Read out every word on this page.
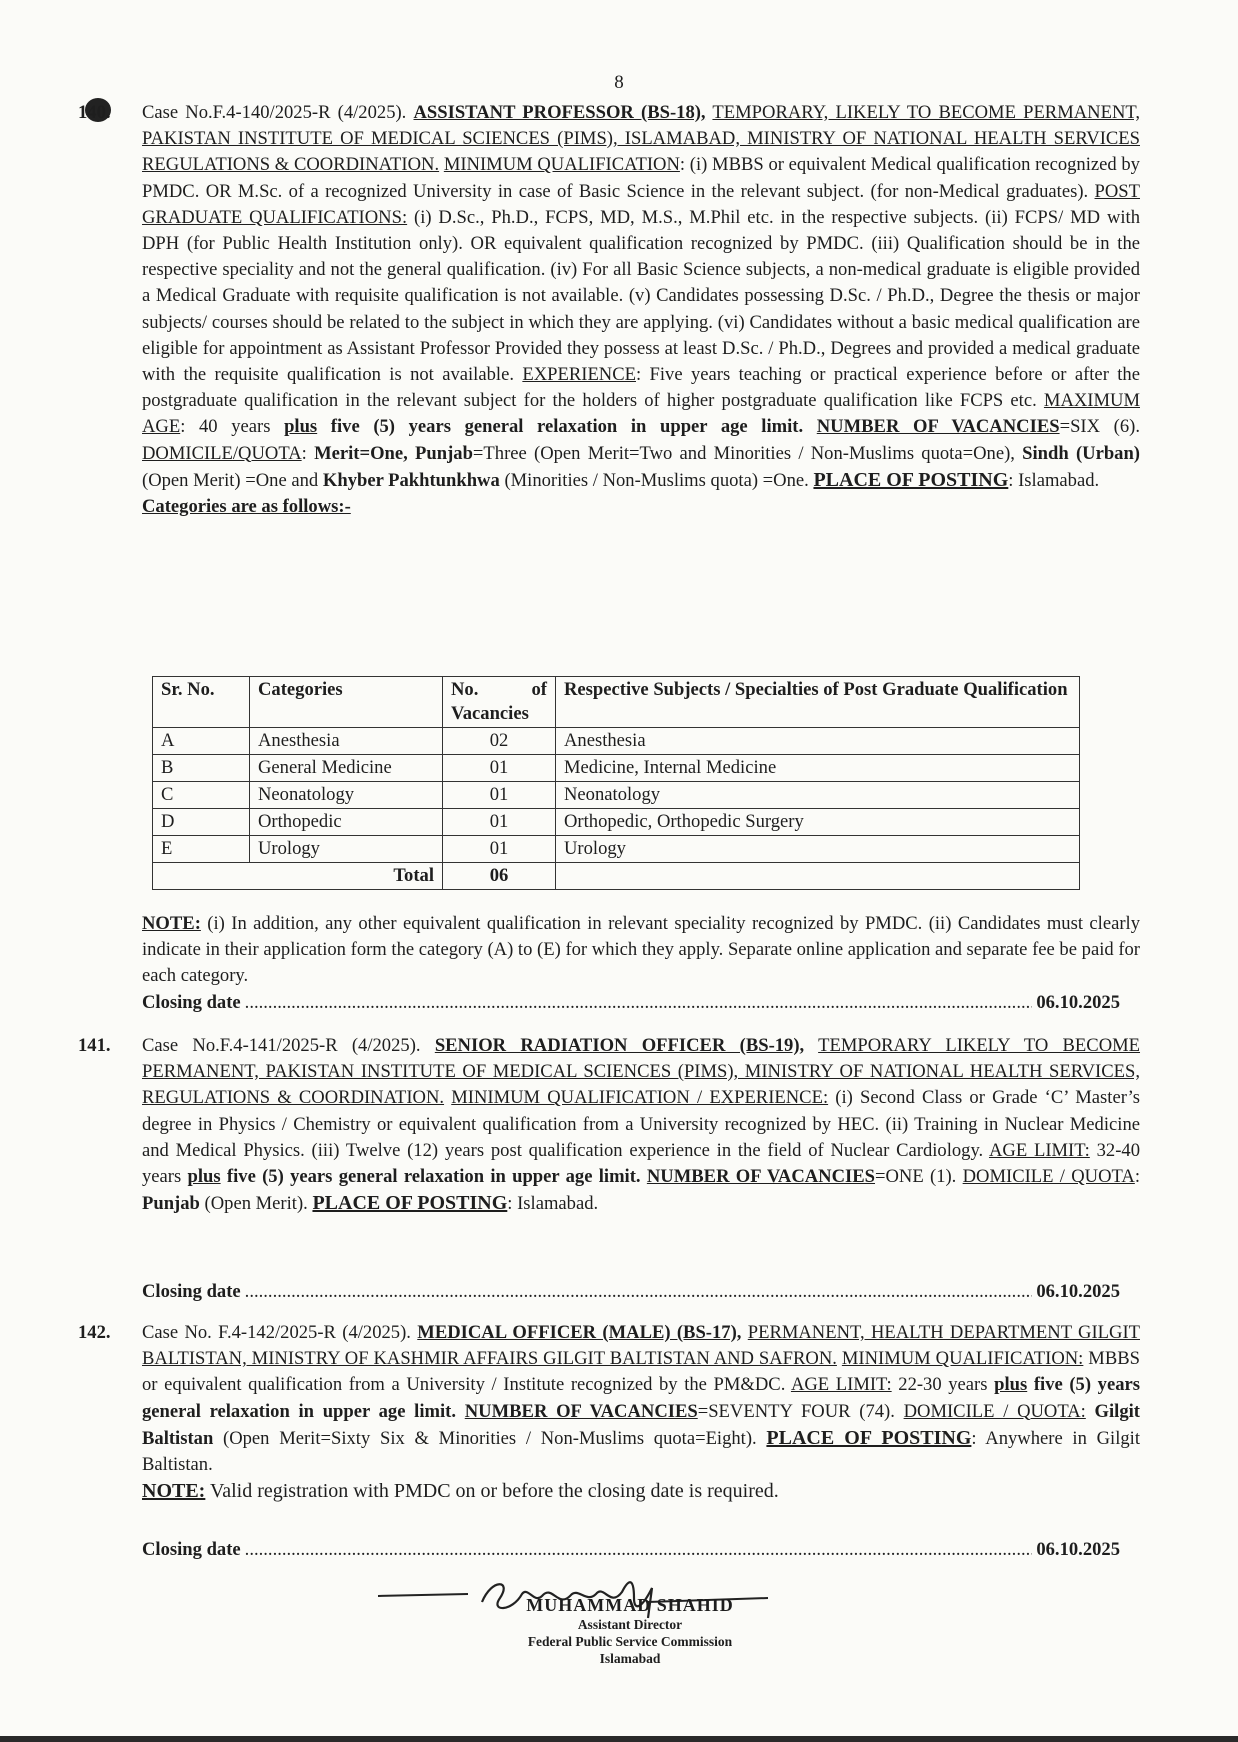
8
140. Case No.F.4-140/2025-R (4/2025). ASSISTANT PROFESSOR (BS-18), TEMPORARY, LIKELY TO BECOME PERMANENT, PAKISTAN INSTITUTE OF MEDICAL SCIENCES (PIMS), ISLAMABAD, MINISTRY OF NATIONAL HEALTH SERVICES REGULATIONS & COORDINATION. MINIMUM QUALIFICATION: (i) MBBS or equivalent Medical qualification recognized by PMDC. OR M.Sc. of a recognized University in case of Basic Science in the relevant subject. (for non-Medical graduates). POST GRADUATE QUALIFICATIONS: (i) D.Sc., Ph.D., FCPS, MD, M.S., M.Phil etc. in the respective subjects. (ii) FCPS/ MD with DPH (for Public Health Institution only). OR equivalent qualification recognized by PMDC. (iii) Qualification should be in the respective speciality and not the general qualification. (iv) For all Basic Science subjects, a non-medical graduate is eligible provided a Medical Graduate with requisite qualification is not available. (v) Candidates possessing D.Sc. / Ph.D., Degree the thesis or major subjects/ courses should be related to the subject in which they are applying. (vi) Candidates without a basic medical qualification are eligible for appointment as Assistant Professor Provided they possess at least D.Sc. / Ph.D., Degrees and provided a medical graduate with the requisite qualification is not available. EXPERIENCE: Five years teaching or practical experience before or after the postgraduate qualification in the relevant subject for the holders of higher postgraduate qualification like FCPS etc. MAXIMUM AGE: 40 years plus five (5) years general relaxation in upper age limit. NUMBER OF VACANCIES=SIX (6). DOMICILE/QUOTA: Merit=One, Punjab=Three (Open Merit=Two and Minorities / Non-Muslims quota=One), Sindh (Urban) (Open Merit) =One and Khyber Pakhtunkhwa (Minorities / Non-Muslims quota) =One. PLACE OF POSTING: Islamabad.
Categories are as follows:-
Sr. No.	Categories	No. of Vacancies	Respective Subjects / Specialties of Post Graduate Qualification
A	Anesthesia	02	Anesthesia
B	General Medicine	01	Medicine, Internal Medicine
C	Neonatology	01	Neonatology
D	Orthopedic	01	Orthopedic, Orthopedic Surgery
E	Urology	01	Urology
Total		06	
NOTE: (i) In addition, any other equivalent qualification in relevant speciality recognized by PMDC. (ii) Candidates must clearly indicate in their application form the category (A) to (E) for which they apply. Separate online application and separate fee be paid for each category.
Closing date .....	06.10.2025
141. Case No.F.4-141/2025-R (4/2025). SENIOR RADIATION OFFICER (BS-19), TEMPORARY LIKELY TO BECOME PERMANENT, PAKISTAN INSTITUTE OF MEDICAL SCIENCES (PIMS), MINISTRY OF NATIONAL HEALTH SERVICES, REGULATIONS & COORDINATION. MINIMUM QUALIFICATION / EXPERIENCE: (i) Second Class or Grade ‘C’ Master’s degree in Physics / Chemistry or equivalent qualification from a University recognized by HEC. (ii) Training in Nuclear Medicine and Medical Physics. (iii) Twelve (12) years post qualification experience in the field of Nuclear Cardiology. AGE LIMIT: 32-40 years plus five (5) years general relaxation in upper age limit. NUMBER OF VACANCIES=ONE (1). DOMICILE / QUOTA: Punjab (Open Merit). PLACE OF POSTING: Islamabad.
Closing date .....	06.10.2025
142. Case No. F.4-142/2025-R (4/2025). MEDICAL OFFICER (MALE) (BS-17), PERMANENT, HEALTH DEPARTMENT GILGIT BALTISTAN, MINISTRY OF KASHMIR AFFAIRS GILGIT BALTISTAN AND SAFRON. MINIMUM QUALIFICATION: MBBS or equivalent qualification from a University / Institute recognized by the PM&DC. AGE LIMIT: 22-30 years plus five (5) years general relaxation in upper age limit. NUMBER OF VACANCIES=SEVENTY FOUR (74). DOMICILE / QUOTA: Gilgit Baltistan (Open Merit=Sixty Six & Minorities / Non-Muslims quota=Eight). PLACE OF POSTING: Anywhere in Gilgit Baltistan.
NOTE: Valid registration with PMDC on or before the closing date is required.
Closing date .....	06.10.2025
MUHAMMAD SHAHID
Assistant Director
Federal Public Service Commission
Islamabad
